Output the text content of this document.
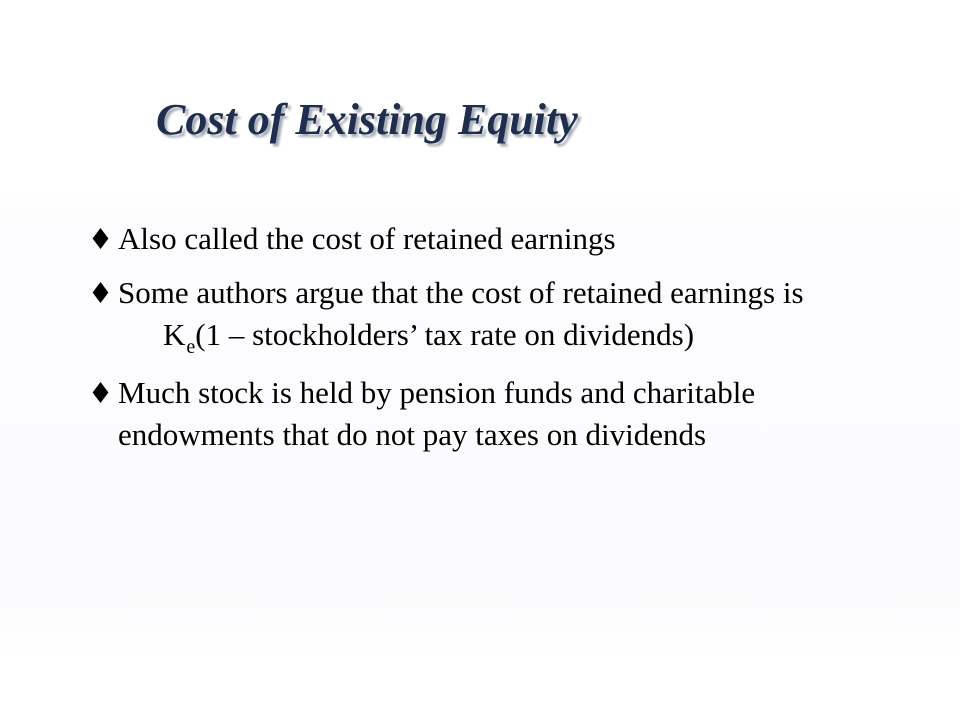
Cost of Existing Equity
Also called the cost of retained earnings
Some authors argue that the cost of retained earnings is
$K_e(1$ – stockholders’ tax rate on dividends)
Much stock is held by pension funds and charitable endowments that do not pay taxes on dividends
